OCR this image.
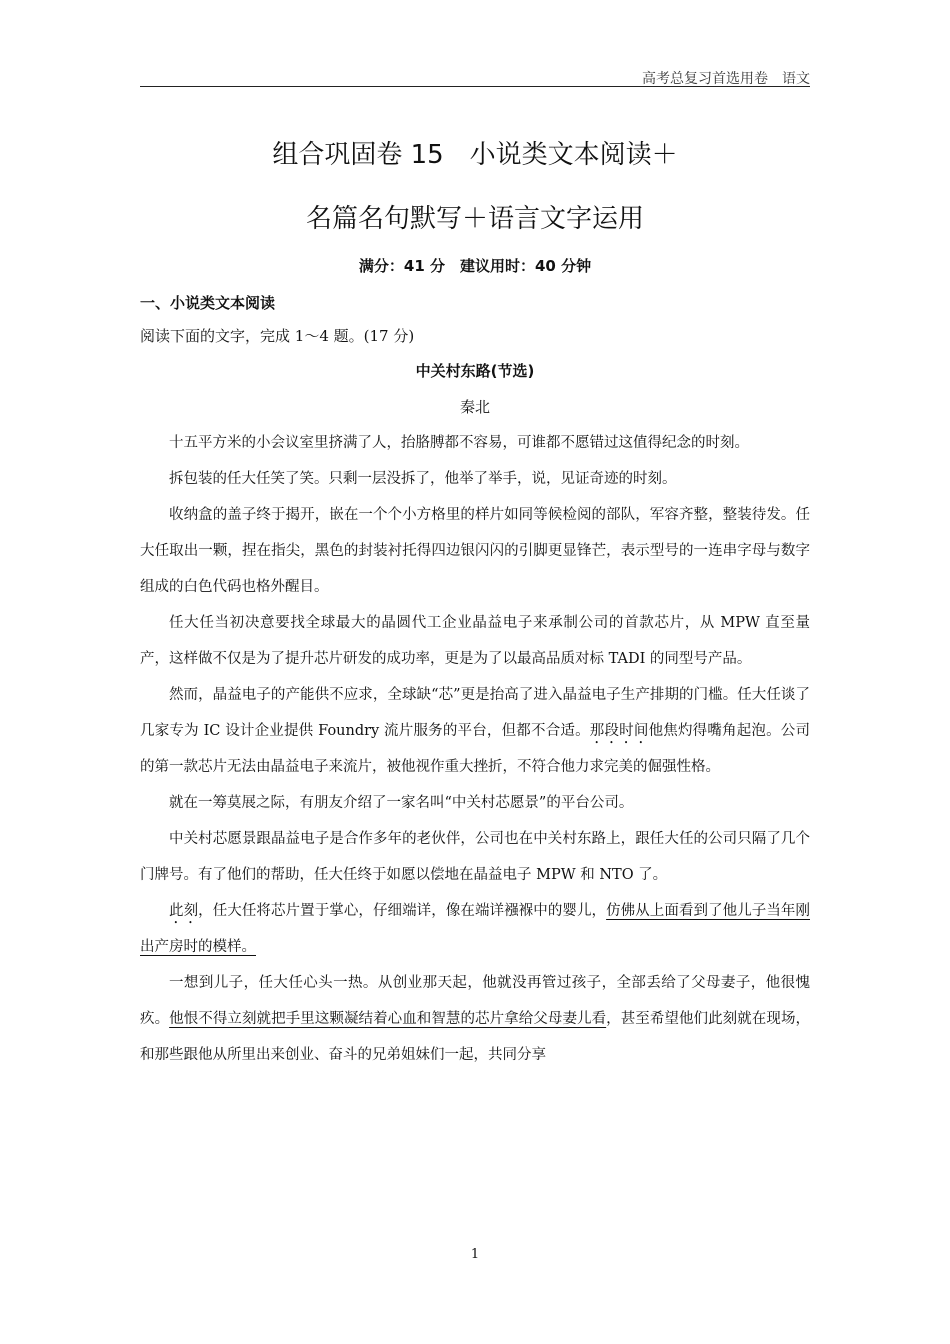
高考总复习首选用卷　语文
组合巩固卷 15　小说类文本阅读＋
名篇名句默写＋语言文字运用
满分：41 分　建议用时：40 分钟
一、小说类文本阅读
阅读下面的文字，完成 1～4 题。(17 分)
中关村东路(节选)
秦北

十五平方米的小会议室里挤满了人，抬胳膊都不容易，可谁都不愿错过这值得纪念的时刻。

拆包装的任大任笑了笑。只剩一层没拆了，他举了举手，说，见证奇迹的时刻。

收纳盒的盖子终于揭开，嵌在一个个小方格里的样片如同等候检阅的部队，军容齐整，整装待发。任大任取出一颗，捏在指尖，黑色的封装衬托得四边银闪闪的引脚更显锋芒，表示型号的一连串字母与数字组成的白色代码也格外醒目。

任大任当初决意要找全球最大的晶圆代工企业晶益电子来承制公司的首款芯片，从 MPW 直至量产，这样做不仅是为了提升芯片研发的成功率，更是为了以最高品质对标 TADI 的同型号产品。

然而，晶益电子的产能供不应求，全球缺“芯”更是抬高了进入晶益电子生产排期的门槛。任大任谈了几家专为 IC 设计企业提供 Foundry 流片服务的平台，但都不合适。那段时间他焦灼得嘴角起泡。公司的第一款芯片无法由晶益电子来流片，被他视作重大挫折，不符合他力求完美的倔强性格。

就在一筹莫展之际，有朋友介绍了一家名叫“中关村芯愿景”的平台公司。

中关村芯愿景跟晶益电子是合作多年的老伙伴，公司也在中关村东路上，跟任大任的公司只隔了几个门牌号。有了他们的帮助，任大任终于如愿以偿地在晶益电子 MPW 和 NTO 了。

此刻，任大任将芯片置于掌心，仔细端详，像在端详襁褓中的婴儿，仿佛从上面看到了他儿子当年刚出产房时的模样。

一想到儿子，任大任心头一热。从创业那天起，他就没再管过孩子，全部丢给了父母妻子，他很愧疚。他恨不得立刻就把手里这颗凝结着心血和智慧的芯片拿给父母妻儿看，甚至希望他们此刻就在现场，和那些跟他从所里出来创业、奋斗的兄弟姐妹们一起，共同分享

1
